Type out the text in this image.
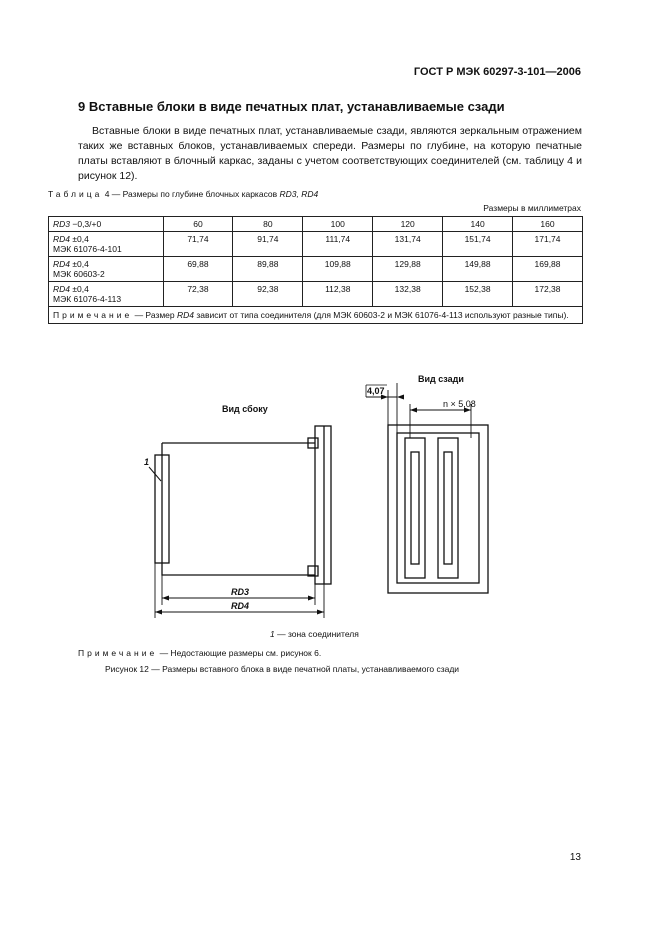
ГОСТ Р МЭК 60297-3-101—2006
9 Вставные блоки в виде печатных плат, устанавливаемые сзади

Вставные блоки в виде печатных плат, устанавливаемые сзади, являются зеркальным отражением таких же вставных блоков, устанавливаемых спереди. Размеры по глубине, на которую печатные платы вставляют в блочный каркас, заданы с учетом соответствующих соединителей (см. таблицу 4 и рисунок 12).

Таблица 4 — Размеры по глубине блочных каркасов RD3, RD4
Размеры в миллиметрах
RD3 −0,3/+0	60	80	100	120	140	160
RD4 ±0,4
МЭК 61076-4-101	71,74	91,74	111,74	131,74	151,74	171,74
RD4 ±0,4
МЭК 60603-2	69,88	89,88	109,88	129,88	149,88	169,88
RD4 ±0,4
МЭК 61076-4-113	72,38	92,38	112,38	132,38	152,38	172,38
Примечание — Размер RD4 зависит от типа соединителя (для МЭК 60603-2 и МЭК 61076-4-113 используют разные типы).						
Вид сбоку
Вид сзади
1
RD3
RD4
4,07
n × 5,08
1 — зона соединителя
Примечание — Недостающие размеры см. рисунок 6.
Рисунок 12 — Размеры вставного блока в виде печатной платы, устанавливаемого сзади
13
